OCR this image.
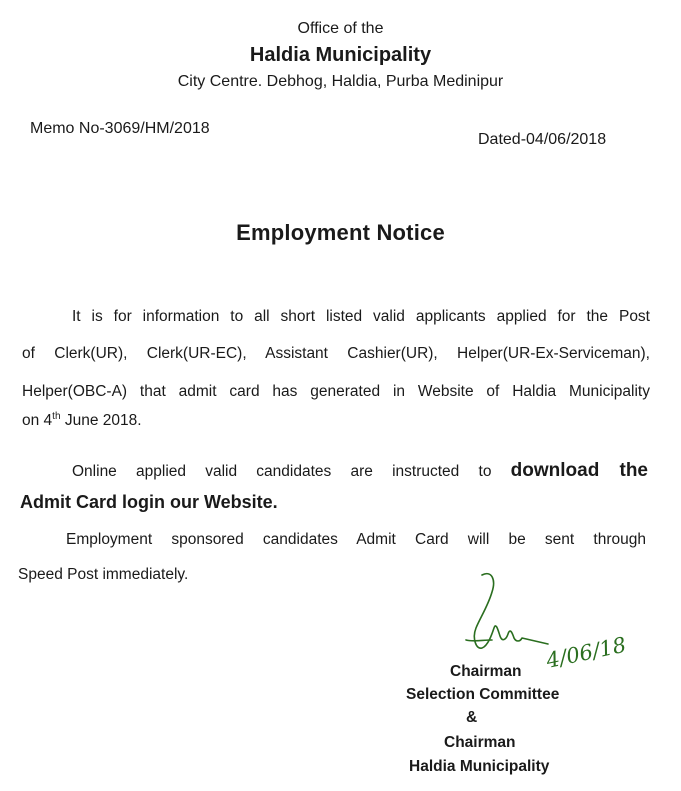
Office of the
Haldia Municipality
City Centre. Debhog, Haldia, Purba Medinipur
Memo No-3069/HM/2018
Dated-04/06/2018
Employment Notice
It is for information to all short listed valid applicants applied for the Post
of Clerk(UR), Clerk(UR-EC), Assistant Cashier(UR), Helper(UR-Ex-Serviceman),
Helper(OBC-A) that admit card has generated in Website of Haldia Municipality
on 4th June 2018.
Online applied valid candidates are instructed to download the
Admit Card login our Website.
Employment sponsored candidates Admit Card will be sent through
Speed Post immediately.
4/06/18
Chairman
Selection Committee
&
Chairman
Haldia Municipality
